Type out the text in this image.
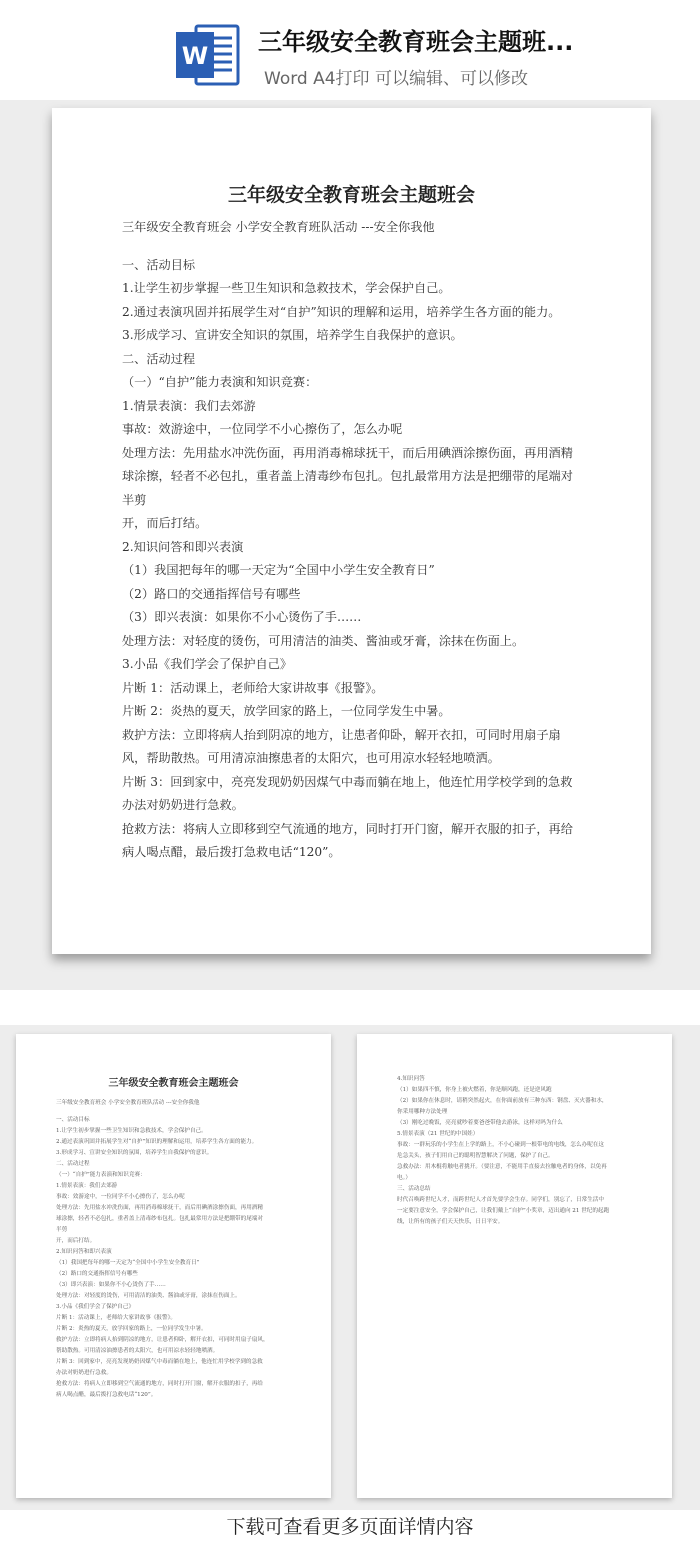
W 三年级安全教育班会主题班...
Word A4打印 可以编辑、可以修改
三年级安全教育班会主题班会
三年级安全教育班会 小学安全教育班队活动 ---安全你我他
一、活动目标
1.让学生初步掌握一些卫生知识和急救技术，学会保护自己。
2.通过表演巩固并拓展学生对“自护”知识的理解和运用，培养学生各方面的能力。
3.形成学习、宣讲安全知识的氛围，培养学生自我保护的意识。
二、活动过程
（一）“自护”能力表演和知识竞赛：
1.情景表演：我们去郊游
事故：效游途中，一位同学不小心擦伤了，怎么办呢
处理方法：先用盐水冲洗伤面，再用消毒棉球抚干，而后用碘酒涂擦伤面，再用酒精球涂擦，轻者不必包扎，重者盖上清毒纱布包扎。包扎最常用方法是把绷带的尾端对半剪
开，而后打结。
2.知识问答和即兴表演
（1）我国把每年的哪一天定为“全国中小学生安全教育日”
（2）路口的交通指挥信号有哪些
（3）即兴表演：如果你不小心烫伤了手……
处理方法：对轻度的烫伤，可用清洁的油类、酱油或牙膏，涂抹在伤面上。
3.小品《我们学会了保护自己》
片断 1：活动课上，老师给大家讲故事《报警》。
片断 2：炎热的夏天，放学回家的路上，一位同学发生中暑。
救护方法：立即将病人抬到阴凉的地方，让患者仰卧，解开衣扣，可同时用扇子扇风，帮助散热。可用清凉油擦患者的太阳穴，也可用凉水轻轻地喷洒。
片断 3：回到家中，亮亮发现奶奶因煤气中毒而躺在地上，他连忙用学校学到的急救办法对奶奶进行急救。
抢救方法：将病人立即移到空气流通的地方，同时打开门窗，解开衣服的扣子，再给病人喝点醋，最后拨打急救电话“120”。
三年级安全教育班会主题班会
三年级安全教育班会 小学安全教育班队活动 ---安全你我他
一、活动目标
1.让学生初步掌握一些卫生知识和急救技术，学会保护自己。
2.通过表演巩固并拓展学生对“自护”知识的理解和运用，培养学生各方面的能力。
3.形成学习、宣讲安全知识的氛围，培养学生自我保护的意识。
二、活动过程
（一）“自护”能力表演和知识竞赛：
1.情景表演：我们去郊游
事故：效游途中，一位同学不小心擦伤了，怎么办呢
处理方法：先用盐水冲洗伤面，再用消毒棉球抚干，而后用碘酒涂擦伤面，再用酒精
球涂擦，轻者不必包扎，重者盖上清毒纱布包扎。包扎最常用方法是把绷带的尾端对
半剪
开，而后打结。
2.知识问答和即兴表演
（1）我国把每年的哪一天定为“全国中小学生安全教育日”
（2）路口的交通指挥信号有哪些
（3）即兴表演：如果你不小心烫伤了手……
处理方法：对轻度的烫伤，可用清洁的油类、酱油或牙膏，涂抹在伤面上。
3.小品《我们学会了保护自己》
片断 1：活动课上，老师给大家讲故事《报警》。
片断 2：炎热的夏天，放学回家的路上，一位同学发生中暑。
救护方法：立即将病人抬到阴凉的地方，让患者仰卧，解开衣扣，可同时用扇子扇风，
帮助散热。可用清凉油擦患者的太阳穴，也可用凉水轻轻地喷洒。
片断 3：回到家中，亮亮发现奶奶因煤气中毒而躺在地上，他连忙用学校学到的急救
办法对奶奶进行急救。
抢救方法：将病人立即移到空气流通的地方，同时打开门窗，解开衣服的扣子，再给
病人喝点醋，最后拨打急救电话“120”。
4.知识问答
（1）如果四不慎，你身上被火燃着，你是顺风跑，还是逆风跑
（2）如果你在休息时，请稍突然起火，在你面前放有三种东西：钢盘、灭火器和水，
你采用哪种方法处理
（3）刚吃过晚饭，亮亮就吵着要爸爸带他去游泳，这样对吗为什么
5.情景表演（21 世纪的中国娃）
事故：一群玩乐的小学生在上学的路上，不小心碰到一根带电的电线，怎么办呢在这
危急关头，孩子们用自己的聪明智慧解决了问题，保护了自己。
急救办法：用木棍将触电者挑开。（要注意，不能用手直接去拉触电者的身体，以免再
电。）
三、活动总结
时代召唤跨世纪人才，而跨世纪人才首先要学会生存。同学们，别忘了，日常生活中
一定要注意安全，学会保护自己，让我们戴上“自护”小奖章，迈出通向 21 世纪的起跑
线，让所有的孩子们天天快乐，日日平安。
下载可查看更多页面详情内容
